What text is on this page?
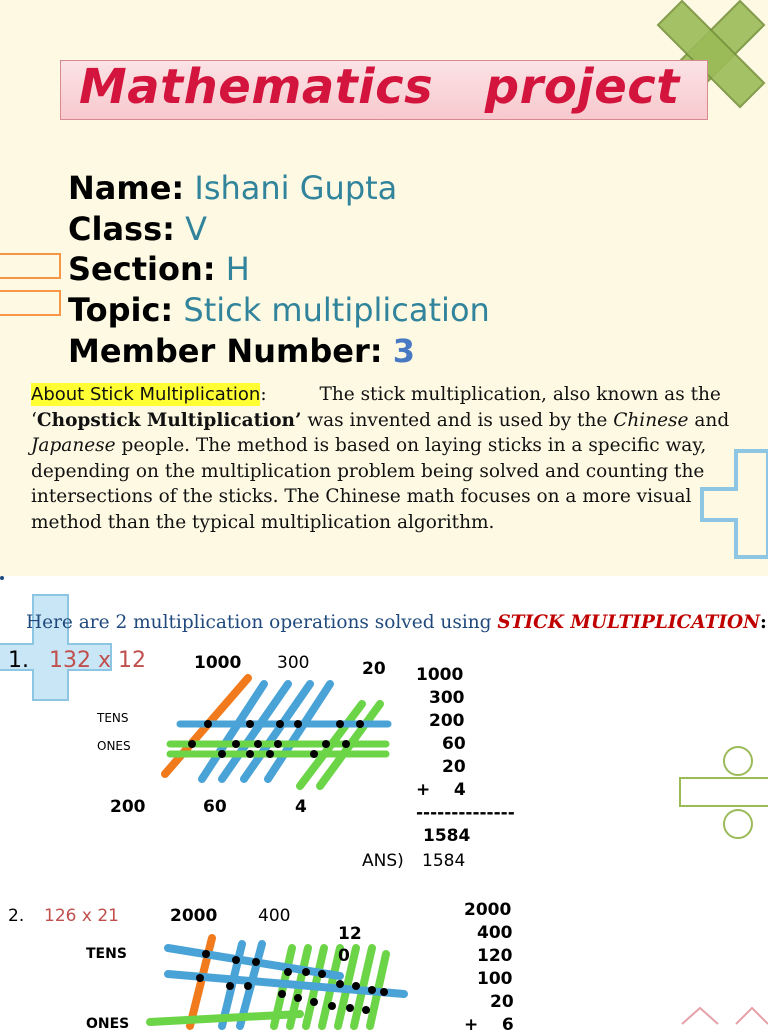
Mathematics   project
Name: Ishani Gupta
Class: V
Section: H
Topic: Stick multiplication
Member Number: 3
About Stick Multiplication:	The stick multiplication, also known as the ‘Chopstick Multiplication’ was invented and is used by the Chinese and Japanese people. The method is based on laying sticks in a specific way, depending on the multiplication problem being solved and counting the intersections of the sticks. The Chinese math focuses on a more visual method than the typical multiplication algorithm.
Here are 2 multiplication operations solved using STICK MULTIPLICATION:
1. 132 x 12	1000 300	20
TENS
ONES
200	60	4
1000
300
200
60
20
+    4
--------------
1584
ANS) 1584
2. 126 x 21	2000 400
12
0
TENS
ONES
2000
400
120
100
20
+    6
